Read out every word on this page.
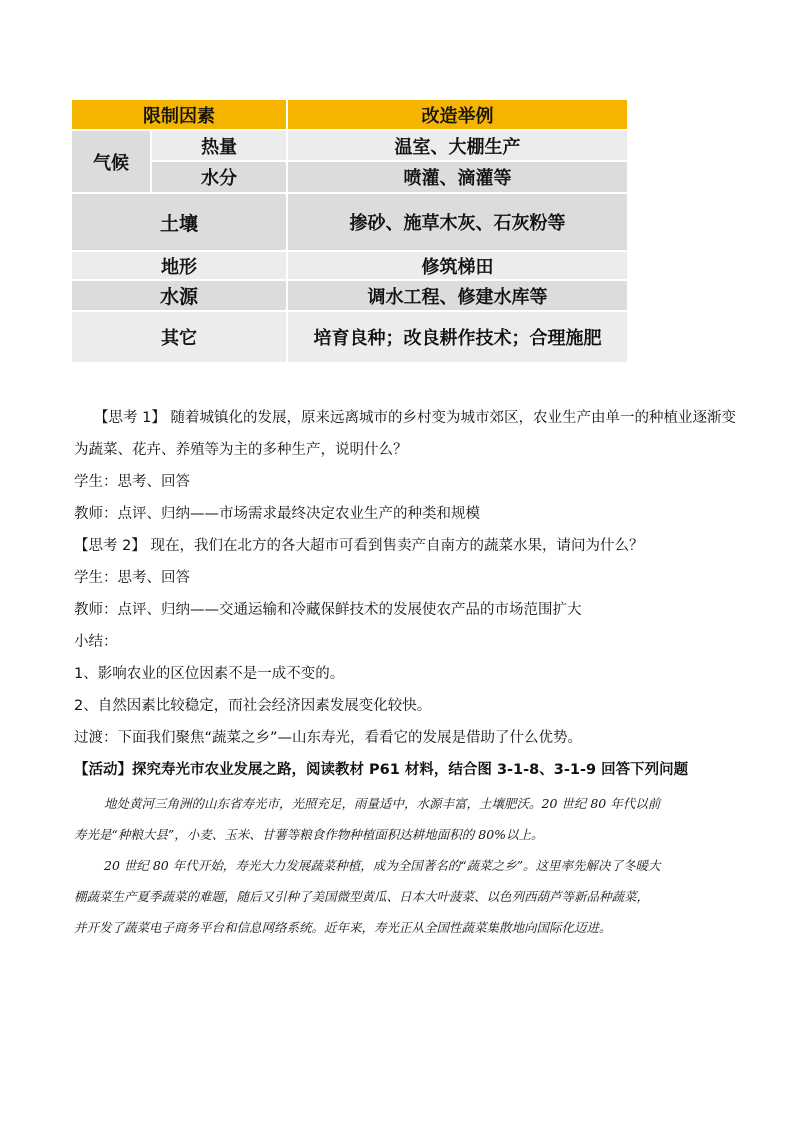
限制因素	改造举例
气候
热量	温室、大棚生产
水分	喷灌、滴灌等
土壤	掺砂、施草木灰、石灰粉等
地形	修筑梯田
水源	调水工程、修建水库等
其它	培育良种；改良耕作技术；合理施肥
【思考 1】 随着城镇化的发展，原来远离城市的乡村变为城市郊区，农业生产由单一的种植业逐渐变
为蔬菜、花卉、养殖等为主的多种生产，说明什么？
学生：思考、回答
教师：点评、归纳——市场需求最终决定农业生产的种类和规模
【思考 2】 现在，我们在北方的各大超市可看到售卖产自南方的蔬菜水果，请问为什么？
学生：思考、回答
教师：点评、归纳——交通运输和冷藏保鲜技术的发展使农产品的市场范围扩大
小结：
1、影响农业的区位因素不是一成不变的。
2、自然因素比较稳定，而社会经济因素发展变化较快。
过渡：下面我们聚焦“蔬菜之乡”—山东寿光，看看它的发展是借助了什么优势。
【活动】探究寿光市农业发展之路，阅读教材 P61 材料，结合图 3-1-8、3-1-9 回答下列问题
地处黄河三角洲的山东省寿光市，光照充足，雨量适中，水源丰富，土壤肥沃。20 世纪 80 年代以前
寿光是“种粮大县”，小麦、玉米、甘薯等粮食作物种植面积达耕地面积的 80%以上。
20 世纪 80 年代开始，寿光大力发展蔬菜种植，成为全国著名的“蔬菜之乡”。这里率先解决了冬暖大
棚蔬菜生产夏季蔬菜的难题，随后又引种了美国微型黄瓜、日本大叶菠菜、以色列西葫芦等新品种蔬菜，
并开发了蔬菜电子商务平台和信息网络系统。近年来，寿光正从全国性蔬菜集散地向国际化迈进。
